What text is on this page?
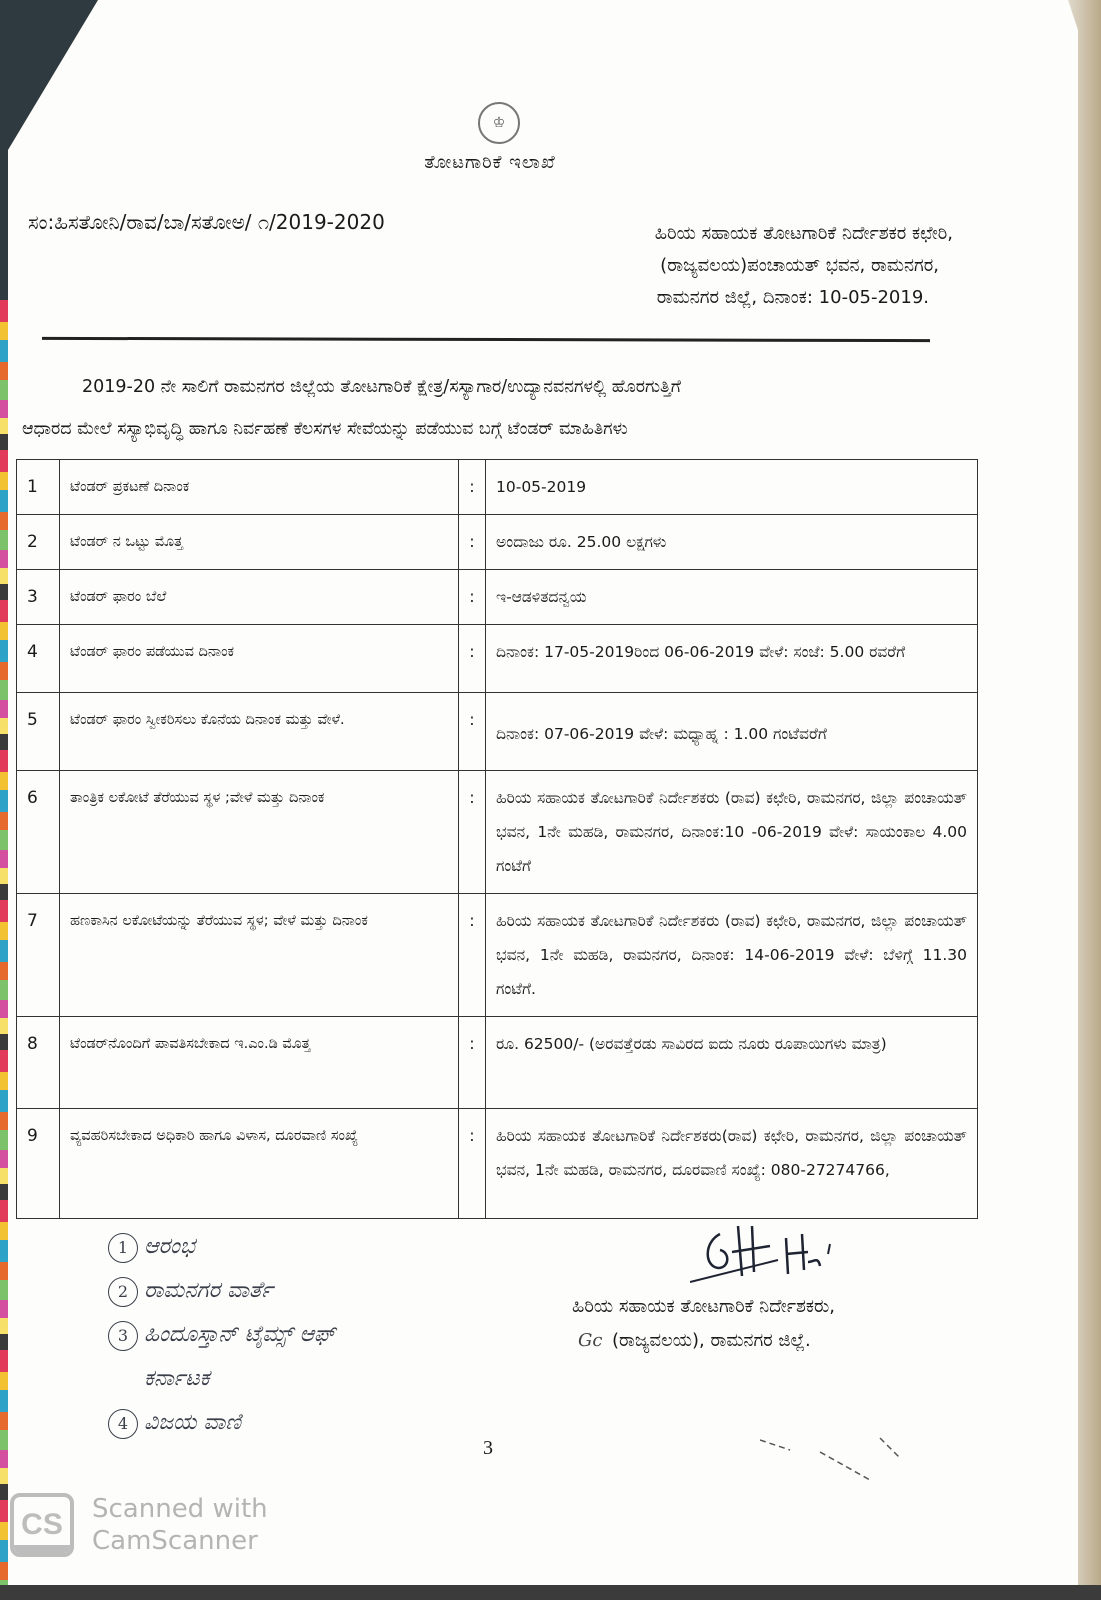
♔
ತೋಟಗಾರಿಕೆ ಇಲಾಖೆ
ಸಂ:ಹಿಸತೋನಿ/ರಾವ/ಬಾ/ಸತೋಅ/ ೧/2019-2020	ಹಿರಿಯ ಸಹಾಯಕ ತೋಟಗಾರಿಕೆ ನಿರ್ದೇಶಕರ ಕಛೇರಿ,
(ರಾಜ್ಯವಲಯ)ಪಂಚಾಯತ್ ಭವನ, ರಾಮನಗರ,
ರಾಮನಗರ ಜಿಲ್ಲೆ, ದಿನಾಂಕ: 10-05-2019.
2019-20 ನೇ ಸಾಲಿಗೆ ರಾಮನಗರ ಜಿಲ್ಲೆಯ ತೋಟಗಾರಿಕೆ ಕ್ಷೇತ್ರ/ಸಸ್ಯಾಗಾರ/ಉದ್ಯಾನವನಗಳಲ್ಲಿ ಹೊರಗುತ್ತಿಗೆ
ಆಧಾರದ ಮೇಲೆ ಸಸ್ಯಾಭಿವೃದ್ಧಿ ಹಾಗೂ ನಿರ್ವಹಣೆ ಕೆಲಸಗಳ ಸೇವೆಯನ್ನು ಪಡೆಯುವ ಬಗ್ಗೆ ಟೆಂಡರ್ ಮಾಹಿತಿಗಳು
1	ಟೆಂಡರ್ ಪ್ರಕಟಣೆ ದಿನಾಂಕ	:	10-05-2019
2	ಟೆಂಡರ್ ನ ಒಟ್ಟು ಮೊತ್ತ	:	ಅಂದಾಜು ರೂ. 25.00 ಲಕ್ಷಗಳು
3	ಟೆಂಡರ್ ಫಾರಂ ಬೆಲೆ	:	ಇ-ಆಡಳಿತದನ್ವಯ
4	ಟೆಂಡರ್ ಫಾರಂ ಪಡೆಯುವ ದಿನಾಂಕ	:	ದಿನಾಂಕ: 17-05-2019ರಿಂದ 06-06-2019 ವೇಳೆ: ಸಂಜೆ: 5.00 ರವರೆಗೆ
5	ಟೆಂಡರ್ ಫಾರಂ ಸ್ವೀಕರಿಸಲು ಕೊನೆಯ ದಿನಾಂಕ ಮತ್ತು ವೇಳೆ.	:	ದಿನಾಂಕ: 07-06-2019 ವೇಳೆ: ಮಧ್ಯಾಹ್ನ : 1.00 ಗಂಟೆವರೆಗೆ
6	ತಾಂತ್ರಿಕ ಲಕೋಟೆ ತೆರೆಯುವ ಸ್ಥಳ ;ವೇಳೆ ಮತ್ತು ದಿನಾಂಕ	:	ಹಿರಿಯ ಸಹಾಯಕ ತೋಟಗಾರಿಕೆ ನಿರ್ದೇಶಕರು (ರಾವ) ಕಛೇರಿ, ರಾಮನಗರ, ಜಿಲ್ಲಾ ಪಂಚಾಯತ್ ಭವನ, 1ನೇ ಮಹಡಿ, ರಾಮನಗರ, ದಿನಾಂಕ:10 -06-2019 ವೇಳೆ: ಸಾಯಂಕಾಲ 4.00 ಗಂಟೆಗೆ
7	ಹಣಕಾಸಿನ ಲಕೋಟೆಯನ್ನು ತೆರೆಯುವ ಸ್ಥಳ; ವೇಳೆ ಮತ್ತು ದಿನಾಂಕ	:	ಹಿರಿಯ ಸಹಾಯಕ ತೋಟಗಾರಿಕೆ ನಿರ್ದೇಶಕರು (ರಾವ) ಕಛೇರಿ, ರಾಮನಗರ, ಜಿಲ್ಲಾ ಪಂಚಾಯತ್ ಭವನ, 1ನೇ ಮಹಡಿ, ರಾಮನಗರ, ದಿನಾಂಕ: 14-06-2019 ವೇಳೆ: ಬೆಳಿಗ್ಗೆ 11.30 ಗಂಟೆಗೆ.
8	ಟೆಂಡರ್‌ನೊಂದಿಗೆ ಪಾವತಿಸಬೇಕಾದ ಇ.ಎಂ.ಡಿ ಮೊತ್ತ	:	ರೂ. 62500/- (ಅರವತ್ತೆರಡು ಸಾವಿರದ ಐದು ನೂರು ರೂಪಾಯಿಗಳು ಮಾತ್ರ)
9	ವ್ಯವಹರಿಸಬೇಕಾದ ಅಧಿಕಾರಿ ಹಾಗೂ ವಿಳಾಸ, ದೂರವಾಣಿ ಸಂಖ್ಯೆ	:	ಹಿರಿಯ ಸಹಾಯಕ ತೋಟಗಾರಿಕೆ ನಿರ್ದೇಶಕರು(ರಾವ) ಕಛೇರಿ, ರಾಮನಗರ, ಜಿಲ್ಲಾ ಪಂಚಾಯತ್ ಭವನ, 1ನೇ ಮಹಡಿ, ರಾಮನಗರ, ದೂರವಾಣಿ ಸಂಖ್ಯೆ: 080-27274766,
1 ಆರಂಭ
2 ರಾಮನಗರ ವಾರ್ತೆ
3 ಹಿಂದೂಸ್ತಾನ್ ಟೈಮ್ಸ್ ಆಫ್
ಕರ್ನಾಟಕ
4 ವಿಜಯ ವಾಣಿ
ಹಿರಿಯ ಸಹಾಯಕ ತೋಟಗಾರಿಕೆ ನಿರ್ದೇಶಕರು,
(ರಾಜ್ಯವಲಯ), ರಾಮನಗರ ಜಿಲ್ಲೆ.
Gc
3
CS	Scanned with
CamScanner
